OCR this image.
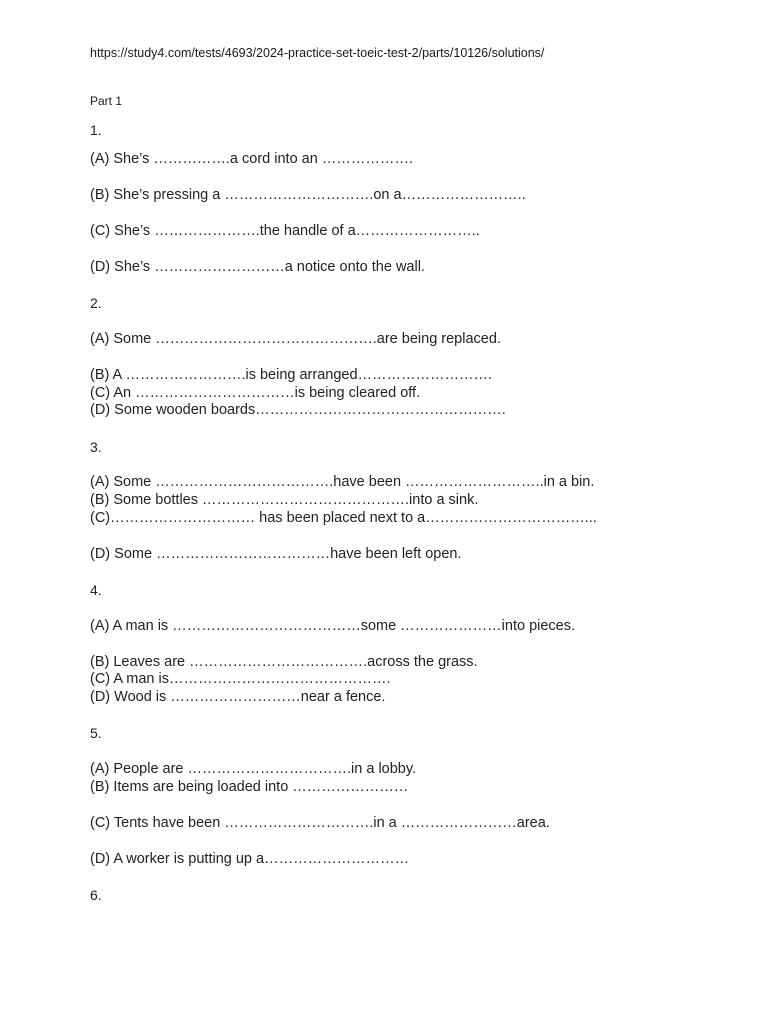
https://study4.com/tests/4693/2024-practice-set-toeic-test-2/parts/10126/solutions/
Part 1
1.
(A) She’s …………….a cord into an ……………….
(B) She’s pressing a ………………………….on a……………………..
(C) She’s ………………….the handle of a……………………..
(D) She’s ………………………a notice onto the wall.
2.
(A) Some ……………………………………….are being replaced.
(B) A …………………….is being arranged……………………….
(C) An ……………………………is being cleared off.
(D) Some wooden boards…………………………………………….
3.
(A) Some ……………………………….have been ………………………..in a bin.
(B) Some bottles …………………………………….into a sink.
(C)………………………… has been placed next to a……………………………...
(D) Some ………………………………have been left open.
4.
(A) A man is …………………………………some …………………into pieces.
(B) Leaves are ……………………………….across the grass.
(C) A man is……………………………………….
(D) Wood is ………………………near a fence.
5.
(A) People are …………………………….in a lobby.
(B) Items are being loaded into ……………………
(C) Tents have been ………………………….in a ……………………area.
(D) A worker is putting up a…………………………
6.
